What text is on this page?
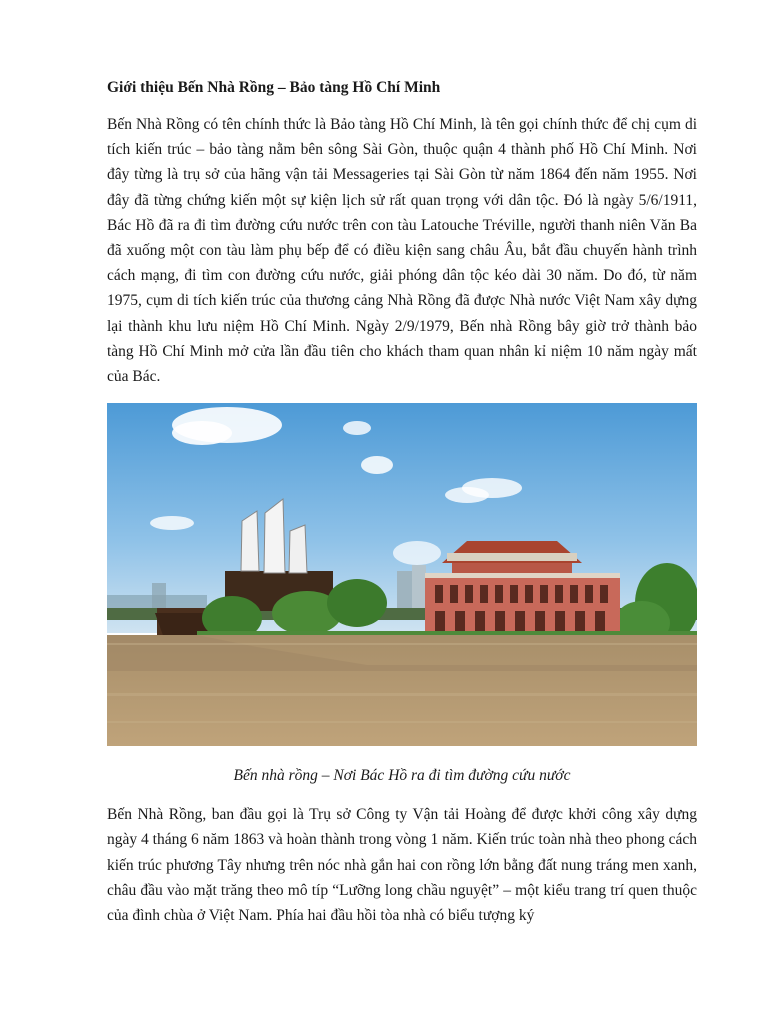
Giới thiệu Bến Nhà Rồng – Bảo tàng Hồ Chí Minh

Bến Nhà Rồng có tên chính thức là Bảo tàng Hồ Chí Minh, là tên gọi chính thức để chị cụm di tích kiến trúc – bảo tàng nằm bên sông Sài Gòn, thuộc quận 4 thành phố Hồ Chí Minh. Nơi đây từng là trụ sở của hãng vận tải Messageries tại Sài Gòn từ năm 1864 đến năm 1955. Nơi đây đã từng chứng kiến một sự kiện lịch sử rất quan trọng với dân tộc. Đó là ngày 5/6/1911, Bác Hồ đã ra đi tìm đường cứu nước trên con tàu Latouche Tréville, người thanh niên Văn Ba đã xuống một con tàu làm phụ bếp để có điều kiện sang châu Âu, bắt đầu chuyến hành trình cách mạng, đi tìm con đường cứu nước, giải phóng dân tộc kéo dài 30 năm. Do đó, từ năm 1975, cụm di tích kiến trúc của thương cảng Nhà Rồng đã được Nhà nước Việt Nam xây dựng lại thành khu lưu niệm Hồ Chí Minh. Ngày 2/9/1979, Bến nhà Rồng bây giờ trở thành bảo tàng Hồ Chí Minh mở cửa lần đầu tiên cho khách tham quan nhân kỉ niệm 10 năm ngày mất của Bác.

Bến nhà rồng – Nơi Bác Hồ ra đi tìm đường cứu nước

Bến Nhà Rồng, ban đầu gọi là Trụ sở Công ty Vận tải Hoàng để được khởi công xây dựng ngày 4 tháng 6 năm 1863 và hoàn thành trong vòng 1 năm. Kiến trúc toàn nhà theo phong cách kiến trúc phương Tây nhưng trên nóc nhà gắn hai con rồng lớn bằng đất nung tráng men xanh, châu đầu vào mặt trăng theo mô típ “Lưỡng long chầu nguyệt” – một kiểu trang trí quen thuộc của đình chùa ở Việt Nam. Phía hai đầu hồi tòa nhà có biểu tượng ký
